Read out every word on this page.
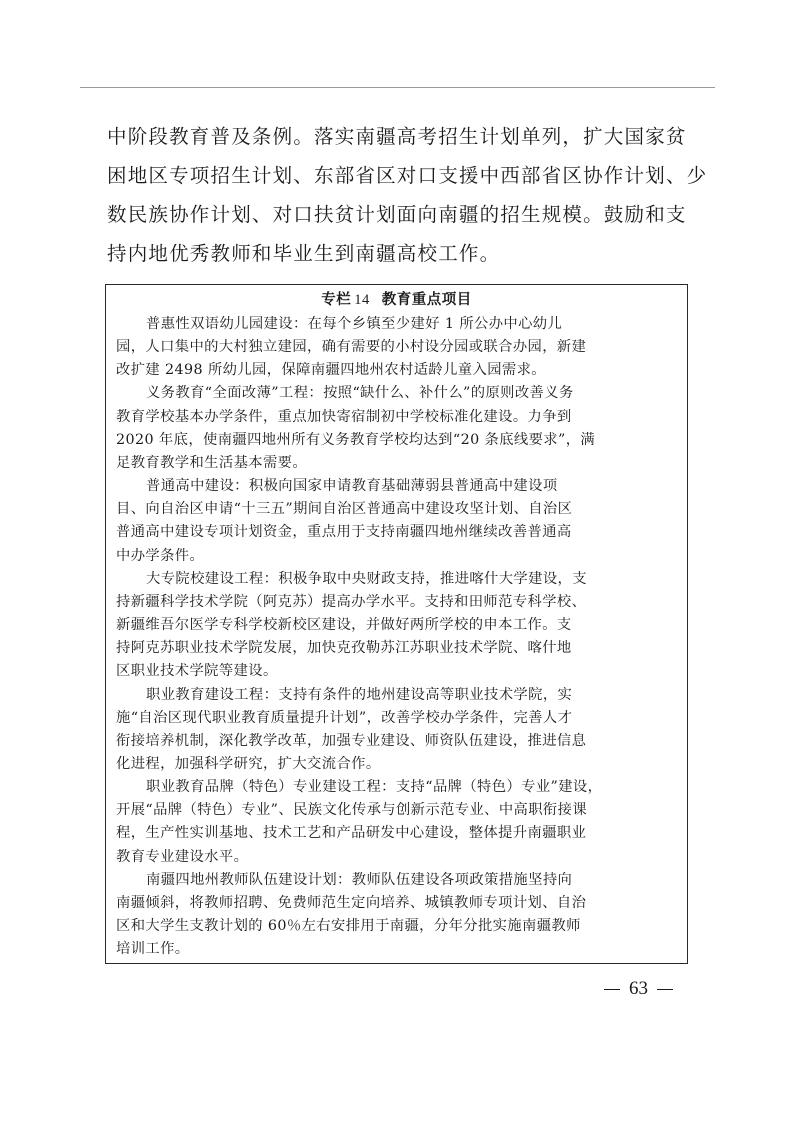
中阶段教育普及条例。落实南疆高考招生计划单列，扩大国家贫
困地区专项招生计划、东部省区对口支援中西部省区协作计划、少
数民族协作计划、对口扶贫计划面向南疆的招生规模。鼓励和支
持内地优秀教师和毕业生到南疆高校工作。
专栏 14 教育重点项目
普惠性双语幼儿园建设：在每个乡镇至少建好 1 所公办中心幼儿
园，人口集中的大村独立建园，确有需要的小村设分园或联合办园，新建
改扩建 2498 所幼儿园，保障南疆四地州农村适龄儿童入园需求。
义务教育“全面改薄”工程：按照“缺什么、补什么”的原则改善义务
教育学校基本办学条件，重点加快寄宿制初中学校标准化建设。力争到
2020 年底，使南疆四地州所有义务教育学校均达到“20 条底线要求”，满
足教育教学和生活基本需要。
普通高中建设：积极向国家申请教育基础薄弱县普通高中建设项
目、向自治区申请“十三五”期间自治区普通高中建设攻坚计划、自治区
普通高中建设专项计划资金，重点用于支持南疆四地州继续改善普通高
中办学条件。
大专院校建设工程：积极争取中央财政支持，推进喀什大学建设，支
持新疆科学技术学院（阿克苏）提高办学水平。支持和田师范专科学校、
新疆维吾尔医学专科学校新校区建设，并做好两所学校的申本工作。支
持阿克苏职业技术学院发展，加快克孜勒苏江苏职业技术学院、喀什地
区职业技术学院等建设。
职业教育建设工程：支持有条件的地州建设高等职业技术学院，实
施“自治区现代职业教育质量提升计划”，改善学校办学条件，完善人才
衔接培养机制，深化教学改革，加强专业建设、师资队伍建设，推进信息
化进程，加强科学研究，扩大交流合作。
职业教育品牌（特色）专业建设工程：支持“品牌（特色）专业”建设，
开展“品牌（特色）专业”、民族文化传承与创新示范专业、中高职衔接课
程，生产性实训基地、技术工艺和产品研发中心建设，整体提升南疆职业
教育专业建设水平。
南疆四地州教师队伍建设计划：教师队伍建设各项政策措施坚持向
南疆倾斜，将教师招聘、免费师范生定向培养、城镇教师专项计划、自治
区和大学生支教计划的 60％左右安排用于南疆，分年分批实施南疆教师
培训工作。
63
